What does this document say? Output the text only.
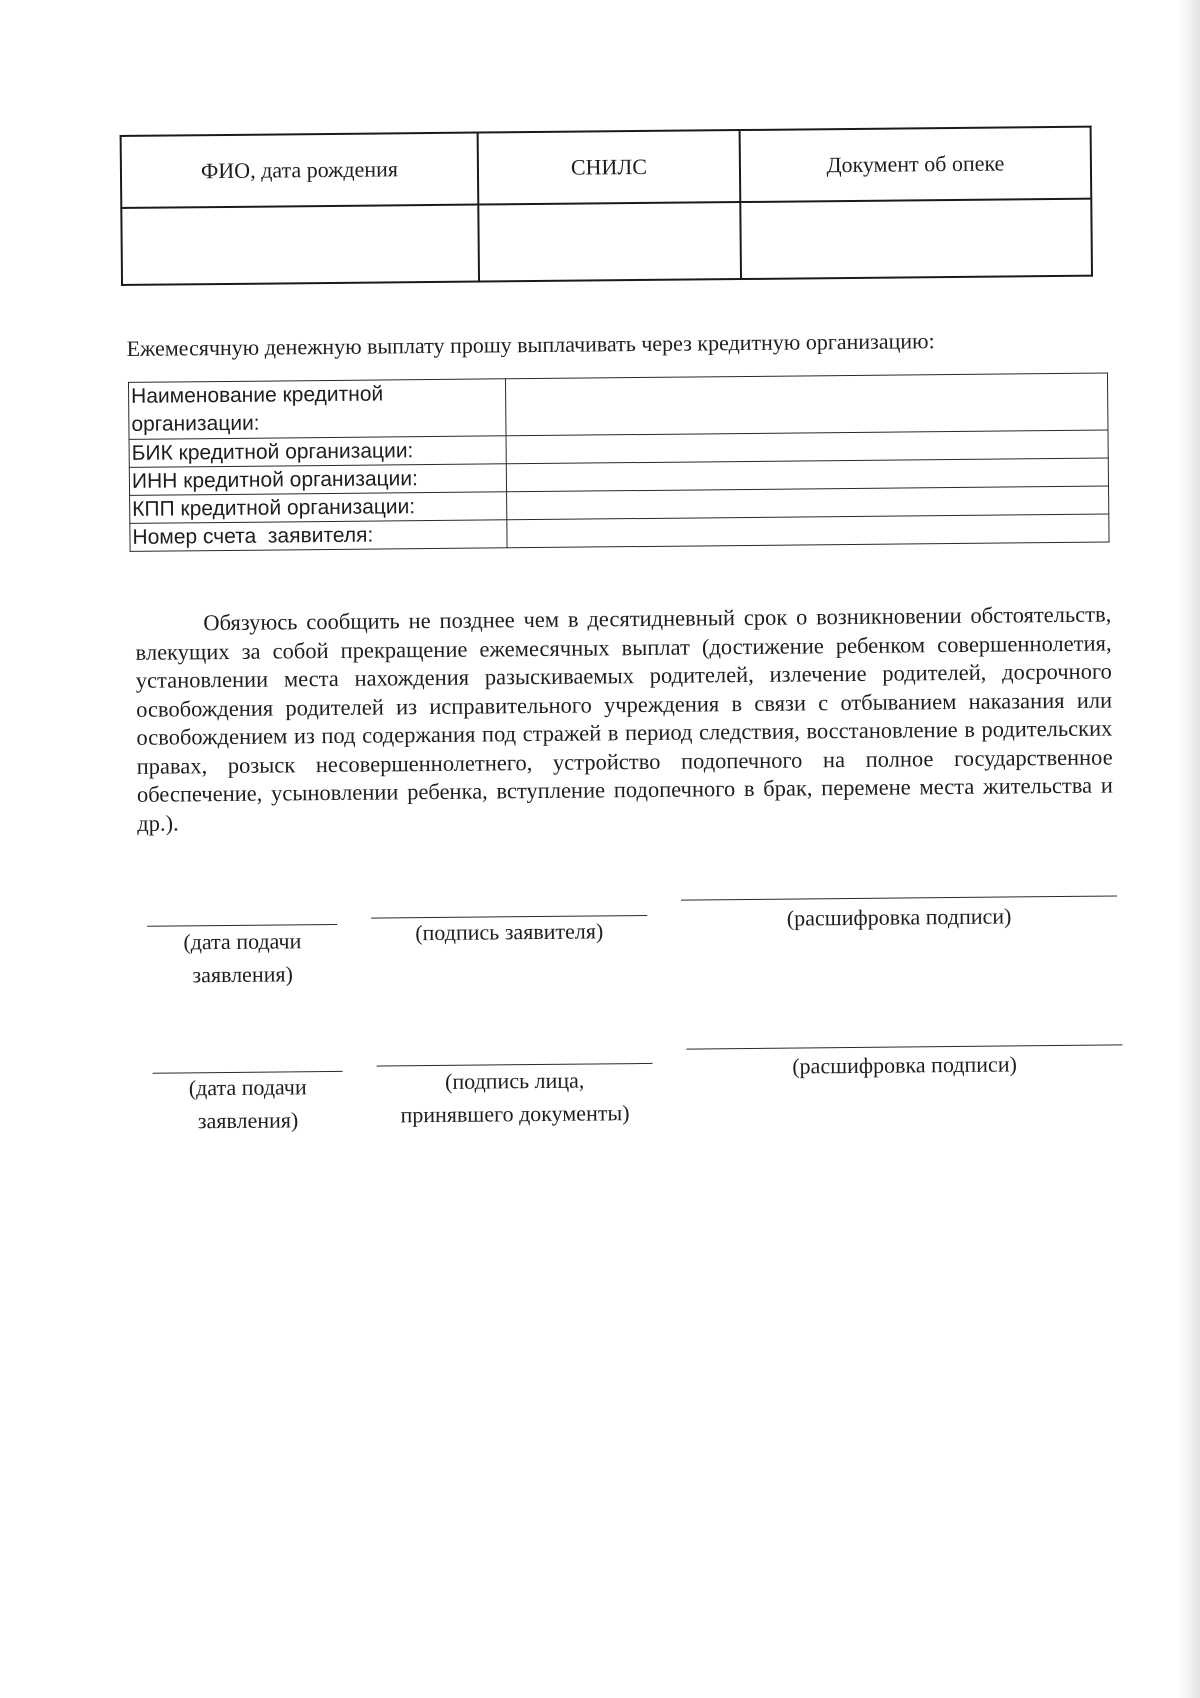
ФИО, дата рождения	СНИЛС	Документ об опеке

Ежемесячную денежную выплату прошу выплачивать через кредитную организацию:
Наименование кредитной
организации:	
БИК кредитной организации:	
ИНН кредитной организации:	
КПП кредитной организации:	
Номер счета  заявителя:	
Обязуюсь сообщить не позднее чем в десятидневный срок о возникновении обстоятельств, влекущих за собой прекращение ежемесячных выплат (достижение ребенком совершеннолетия, установлении места нахождения разыскиваемых родителей, излечение родителей, досрочного освобождения родителей из исправительного учреждения в связи с отбыванием наказания или освобождением из под содержания под стражей в период следствия, восстановление в родительских правах, розыск несовершеннолетнего, устройство подопечного на полное государственное обеспечение, усыновлении ребенка, вступление подопечного в брак, перемене места жительства и др.).
(дата подачи
заявления)
(подпись заявителя)
(расшифровка подписи)
(дата подачи
заявления)
(подпись лица,
принявшего документы)
(расшифровка подписи)
